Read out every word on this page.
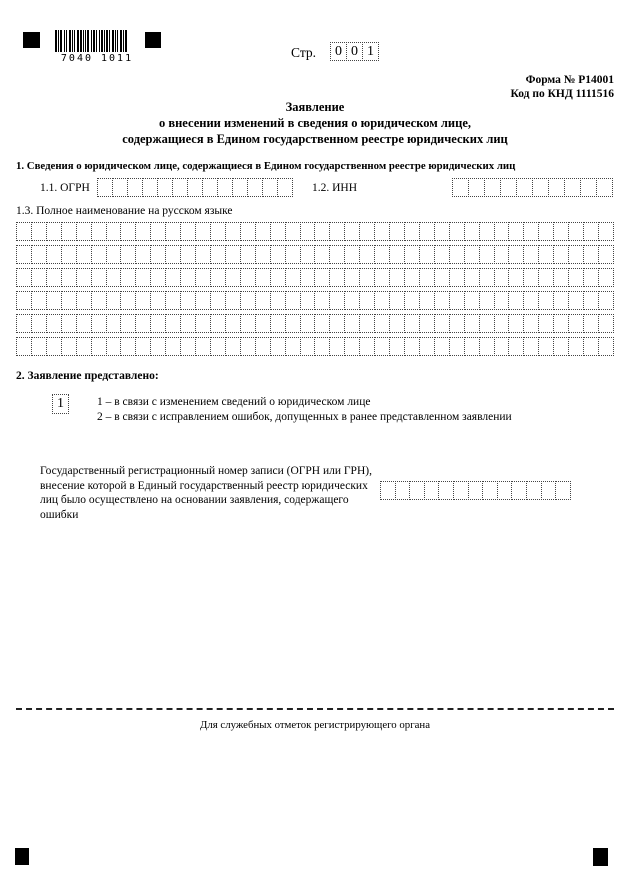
7040 1011	Стр.	0 0 1
Форма № Р14001
Код по КНД 1111516
Заявление
о внесении изменений в сведения о юридическом лице,
содержащиеся в Едином государственном реестре юридических лиц
1. Сведения о юридическом лице, содержащиеся в Едином государственном реестре юридических лиц
1.1. ОГРН	1.2. ИНН
1.3. Полное наименование на русском языке
2. Заявление представлено:
1	1 – в связи с изменением сведений о юридическом лице
2 – в связи с исправлением ошибок, допущенных в ранее представленном заявлении
Государственный регистрационный номер записи (ОГРН или ГРН), внесение которой в Единый государственный реестр юридических лиц было осуществлено на основании заявления, содержащего ошибки
Для служебных отметок регистрирующего органа
